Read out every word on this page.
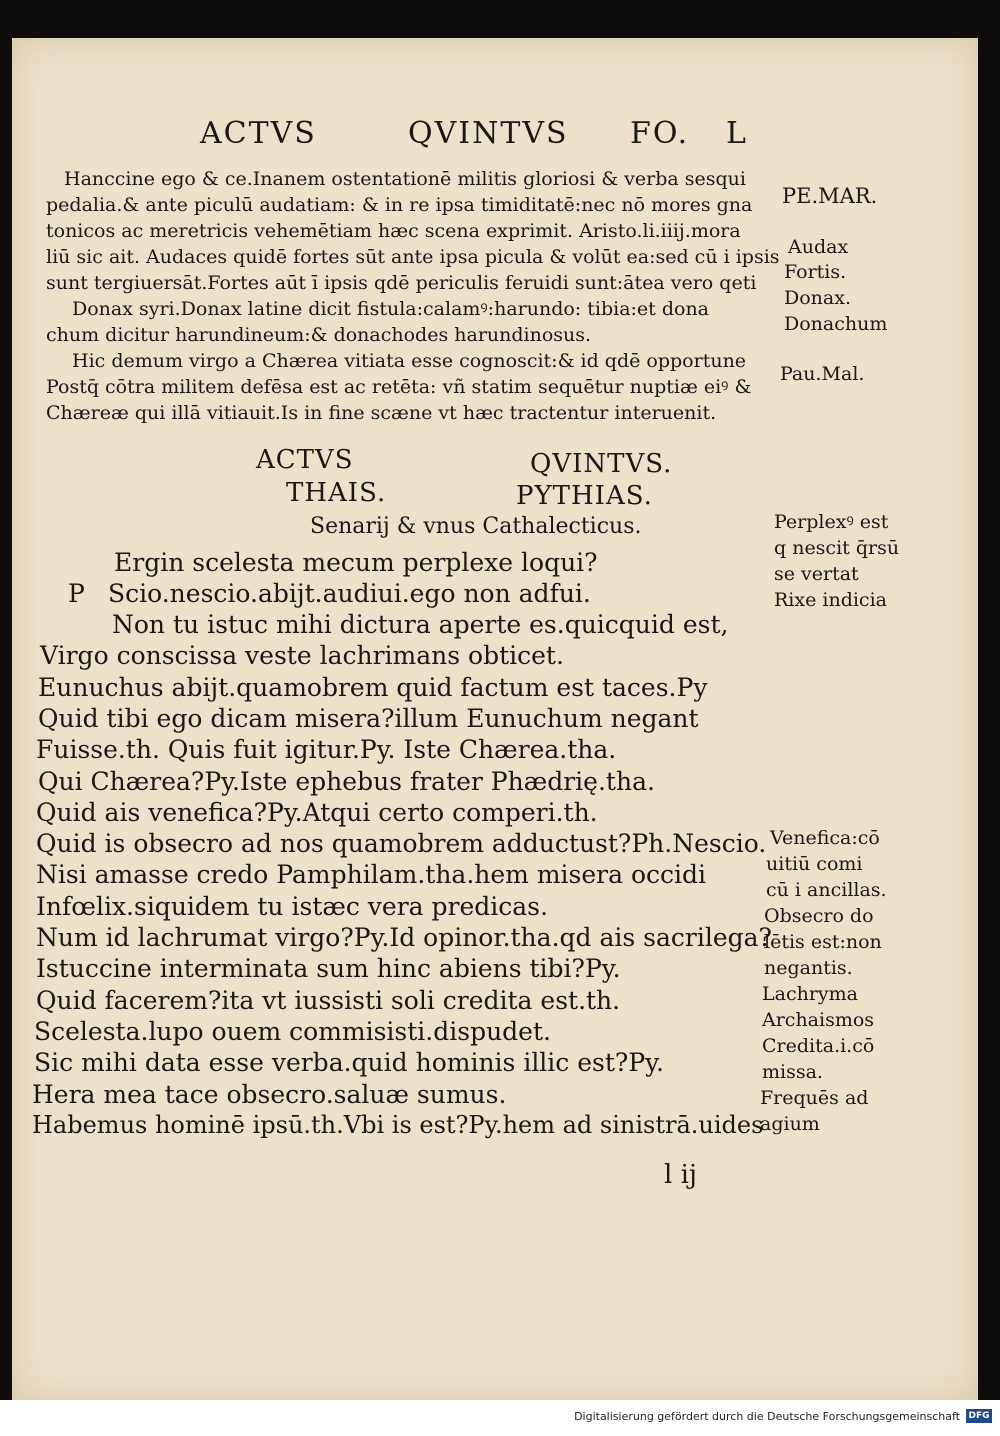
ACTVS	QVINTVS FO. L
Hanccine ego & ce.Inanem ostentationē militis gloriosi & verba sesqui
pedalia.& ante piculū audatiam: & in re ipsa timiditatē:nec nō mores gna
tonicos ac meretricis vehemētiam hæc scena exprimit. Aristo.li.iiij.mora
liū sic ait. Audaces quidē fortes sūt ante ipsa picula & volūt ea:sed cū i ipsis
sunt tergiuersāt.Fortes aūt ī ipsis qdē periculis feruidi sunt:ātea vero qeti
Donax syri.Donax latine dicit fistula:calamꝰ:harundo: tibia:et dona
chum dicitur harundineum:& donachodes harundinosus.
Hic demum virgo a Chærea vitiata esse cognoscit:& id qdē opportune
Postq̄ cōtra militem defēsa est ac retēta: vñ statim sequētur nuptiæ eiꝰ &
Chæreæ qui illā vitiauit.Is in fine scæne vt hæc tractentur interuenit.
PE.MAR.
Audax
Fortis.
Donax.
Donachum
Pau.Mal.
ACTVS	QVINTVS.
THAIS.	PYTHIAS.
Senarij & vnus Cathalecticus.
Ergin scelesta mecum perplexe loqui?
P Scio.nescio.abijt.audiui.ego non adfui.
Non tu istuc mihi dictura aperte es.quicquid est,
Virgo conscissa veste lachrimans obticet.
Eunuchus abijt.quamobrem quid factum est taces.Py
Quid tibi ego dicam misera?illum Eunuchum negant
Fuisse.th. Quis fuit igitur.Py. Iste Chærea.tha.
Qui Chærea?Py.Iste ephebus frater Phædrię.tha.
Quid ais venefica?Py.Atqui certo comperi.th.
Quid is obsecro ad nos quamobrem adductust?Ph.Nescio.
Nisi amasse credo Pamphilam.tha.hem misera occidi
Infœlix.siquidem tu istæc vera predicas.
Num id lachrumat virgo?Py.Id opinor.tha.qd ais sacrilega?
Istuccine interminata sum hinc abiens tibi?Py.
Quid facerem?ita vt iussisti soli credita est.th.
Scelesta.lupo ouem commisisti.dispudet.
Sic mihi data esse verba.quid hominis illic est?Py.
Hera mea tace obsecro.saluæ sumus.
Habemus hominē ipsū.th.Vbi is est?Py.hem ad sinistrā.uides
l ij
Perplexꝰ est
q nescit q̄rsū
se vertat
Rixe indicia
Venefica:cō
uitiū comi
cū i ancillas.
Obsecro do
lētis est:non
negantis.
Lachryma
Archaismos
Credita.i.cō
missa.
Frequēs ad
agium
Digitalisierung gefördert durch die Deutsche Forschungsgemeinschaft DFG
